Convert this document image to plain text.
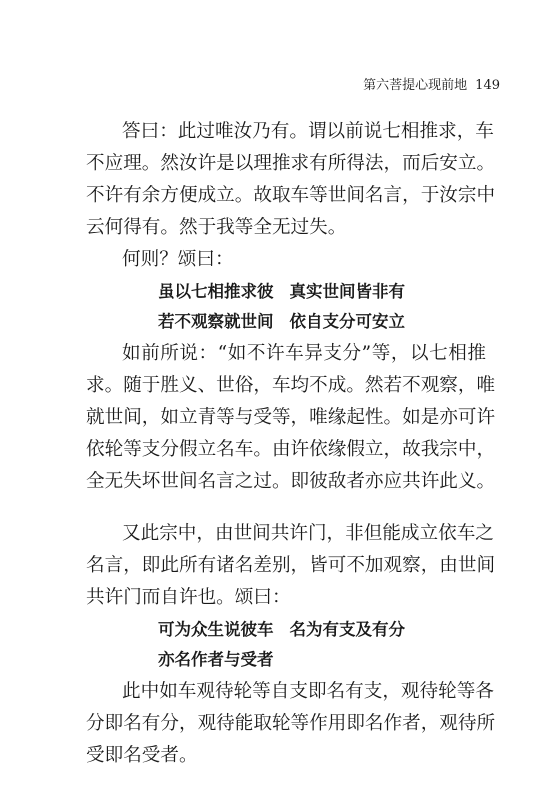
第六菩提心现前地 149
答曰：此过唯汝乃有。谓以前说七相推求，车
不应理。然汝许是以理推求有所得法，而后安立。
不许有余方便成立。故取车等世间名言，于汝宗中
云何得有。然于我等全无过失。
何则？颂曰：
虽以七相推求彼 真实世间皆非有
若不观察就世间 依自支分可安立
如前所说：“如不许车异支分”等，以七相推
求。随于胜义、世俗，车均不成。然若不观察，唯
就世间，如立青等与受等，唯缘起性。如是亦可许
依轮等支分假立名车。由许依缘假立，故我宗中，
全无失坏世间名言之过。即彼敌者亦应共许此义。
又此宗中，由世间共许门，非但能成立依车之
名言，即此所有诸名差别，皆可不加观察，由世间
共许门而自许也。颂曰：
可为众生说彼车 名为有支及有分
亦名作者与受者
此中如车观待轮等自支即名有支，观待轮等各
分即名有分，观待能取轮等作用即名作者，观待所
受即名受者。
